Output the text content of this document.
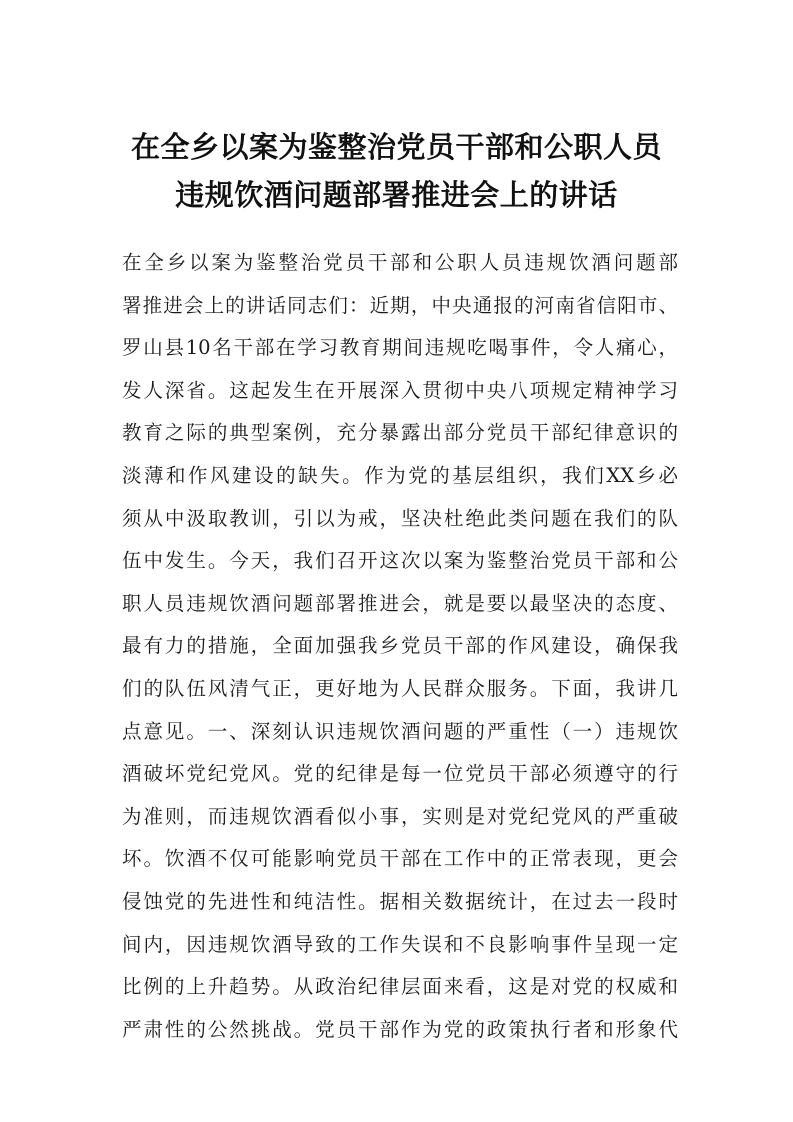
在全乡以案为鉴整治党员干部和公职人员
违规饮酒问题部署推进会上的讲话
在全乡以案为鉴整治党员干部和公职人员违规饮酒问题部
署推进会上的讲话同志们：近期，中央通报的河南省信阳市、
罗山县10名干部在学习教育期间违规吃喝事件，令人痛心，
发人深省。这起发生在开展深入贯彻中央八项规定精神学习
教育之际的典型案例，充分暴露出部分党员干部纪律意识的
淡薄和作风建设的缺失。作为党的基层组织，我们XX乡必
须从中汲取教训，引以为戒，坚决杜绝此类问题在我们的队
伍中发生。今天，我们召开这次以案为鉴整治党员干部和公
职人员违规饮酒问题部署推进会，就是要以最坚决的态度、
最有力的措施，全面加强我乡党员干部的作风建设，确保我
们的队伍风清气正，更好地为人民群众服务。下面，我讲几
点意见。一、深刻认识违规饮酒问题的严重性（一）违规饮
酒破坏党纪党风。党的纪律是每一位党员干部必须遵守的行
为准则，而违规饮酒看似小事，实则是对党纪党风的严重破
坏。饮酒不仅可能影响党员干部在工作中的正常表现，更会
侵蚀党的先进性和纯洁性。据相关数据统计，在过去一段时
间内，因违规饮酒导致的工作失误和不良影响事件呈现一定
比例的上升趋势。从政治纪律层面来看，这是对党的权威和
严肃性的公然挑战。党员干部作为党的政策执行者和形象代
